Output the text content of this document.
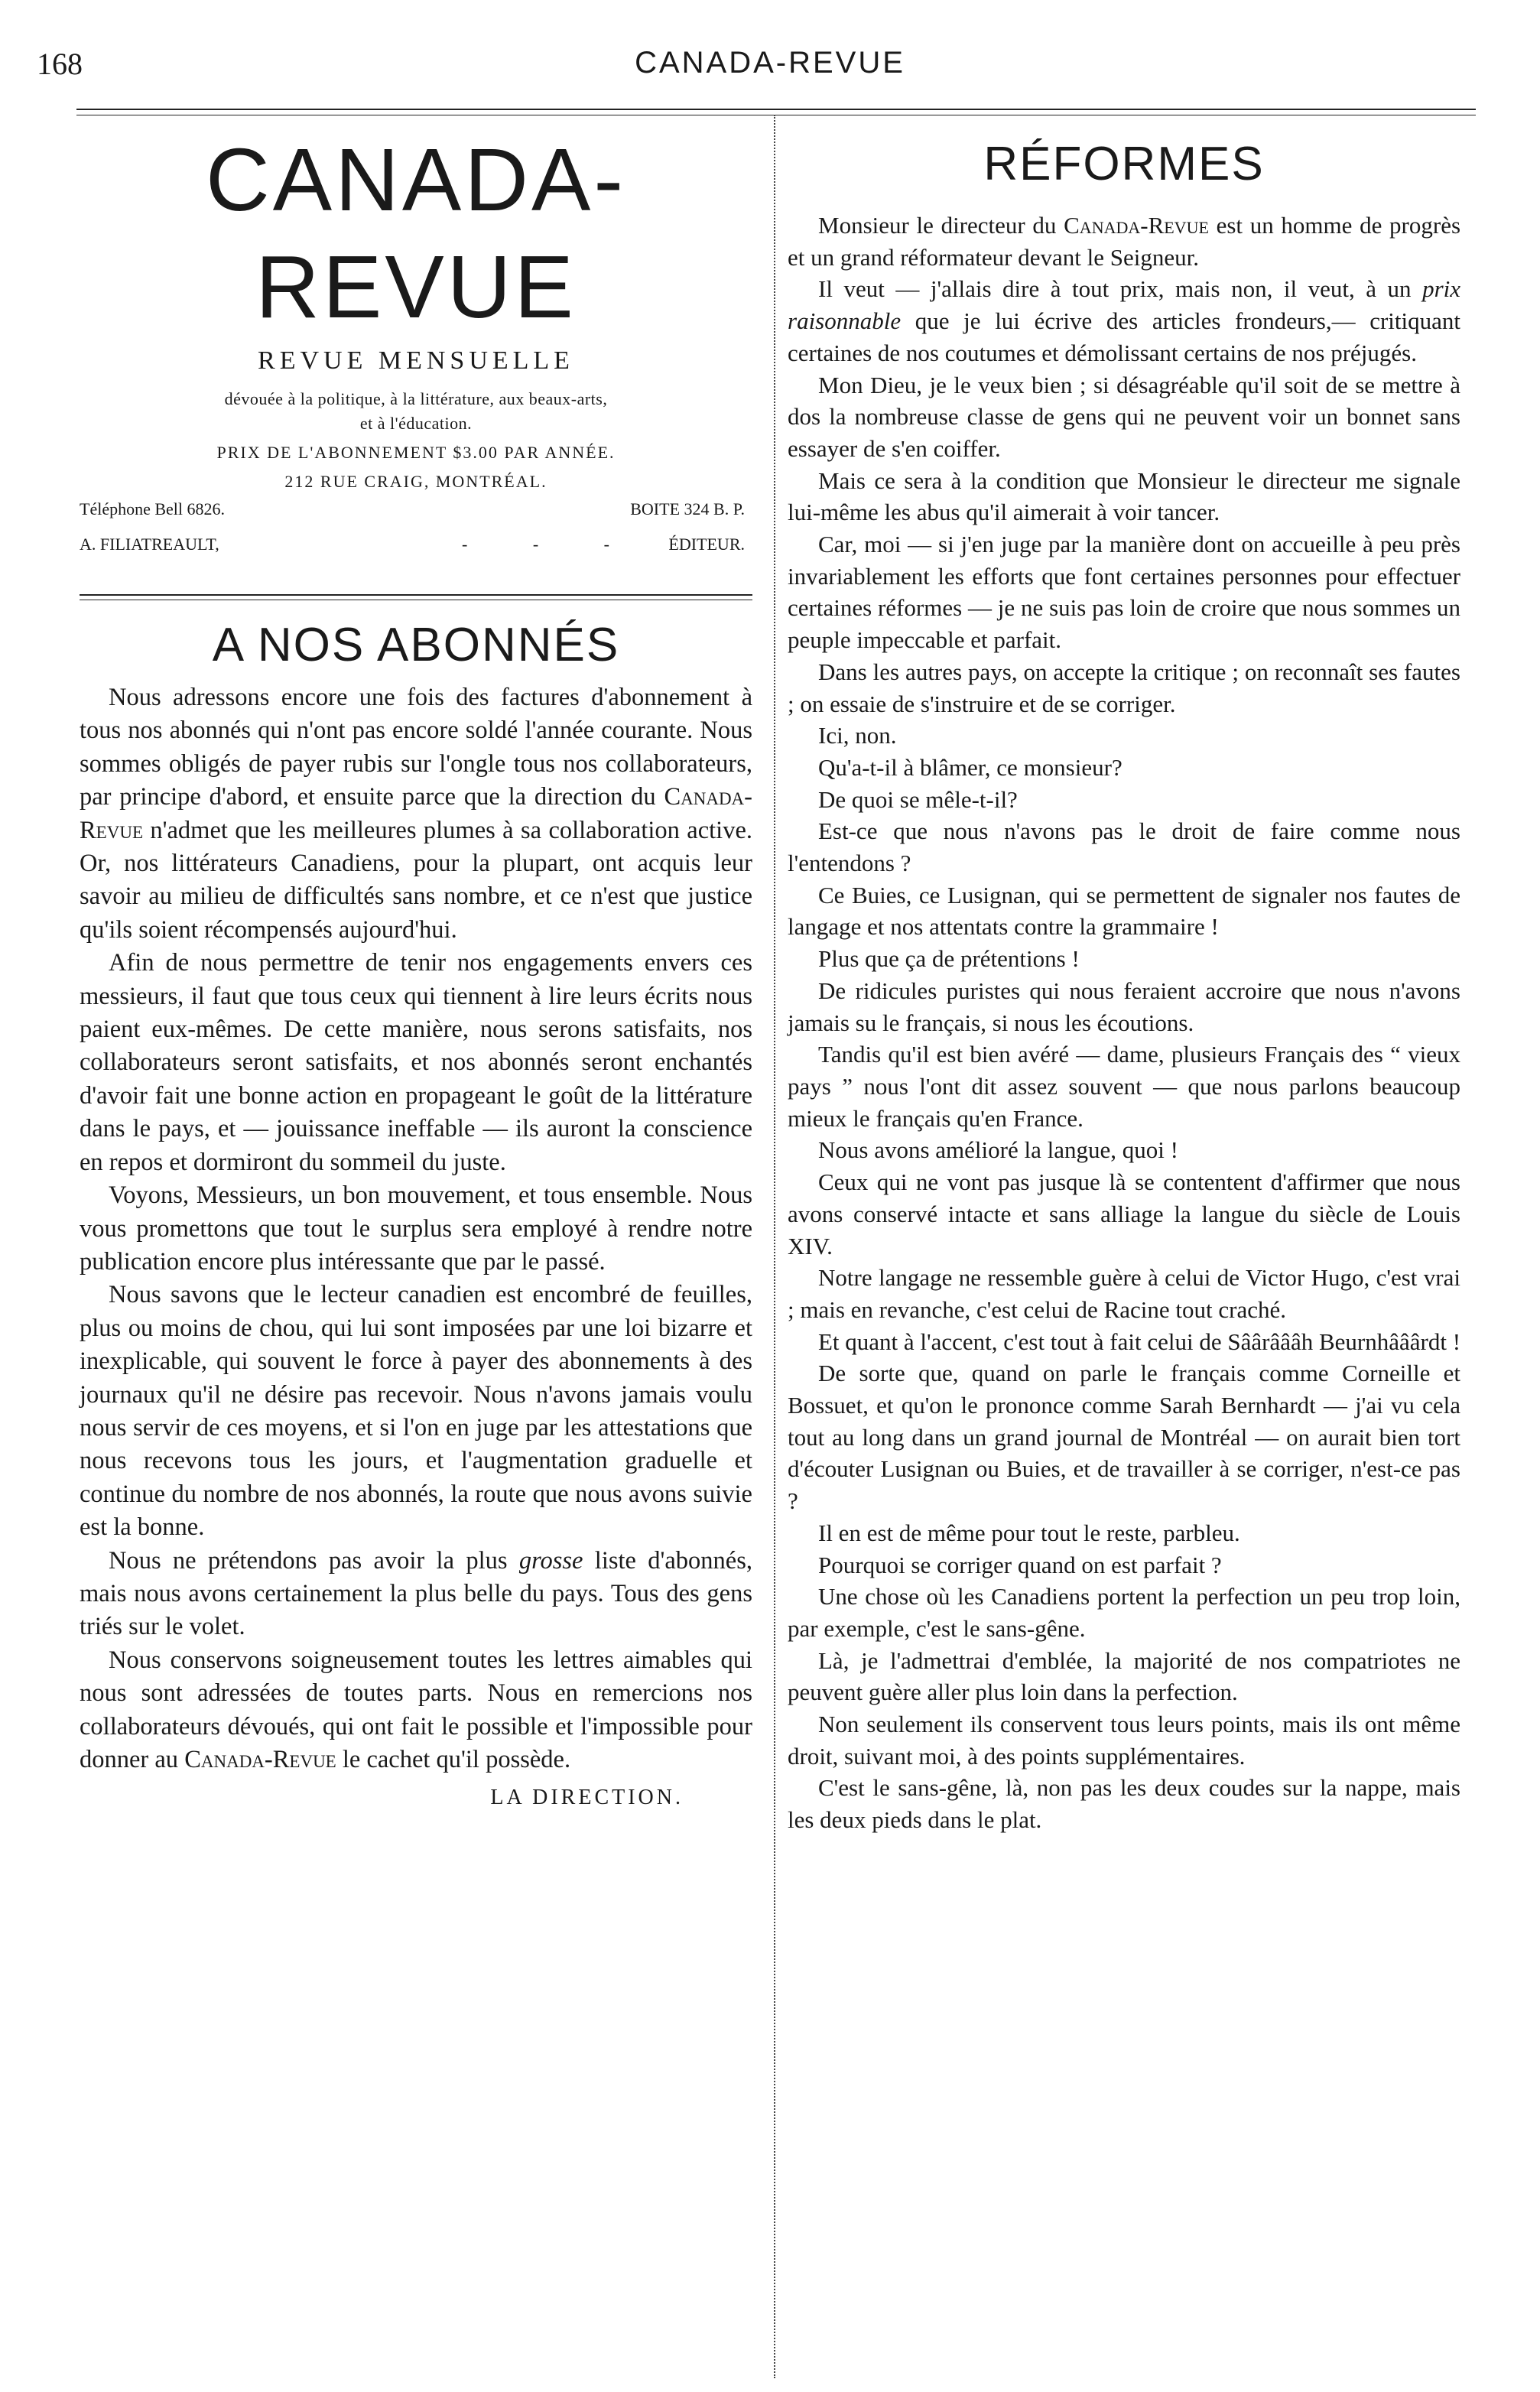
168	CANADA-REVUE
CANADA-REVUE
REVUE MENSUELLE
dévouée à la politique, à la littérature, aux beaux-arts,
et à l'éducation.
PRIX DE L'ABONNEMENT $3.00 PAR ANNÉE.
212 RUE CRAIG, MONTRÉAL.
Téléphone Bell 6826.	BOITE 324 B. P.
A. FILIATREAULT,	- - - ÉDITEUR.
A NOS ABONNÉS

Nous adressons encore une fois des factures d'abonnement à tous nos abonnés qui n'ont pas encore soldé l'année courante. Nous sommes obligés de payer rubis sur l'ongle tous nos collaborateurs, par principe d'abord, et ensuite parce que la direction du Canada-Revue n'admet que les meilleures plumes à sa collaboration active. Or, nos littérateurs Canadiens, pour la plupart, ont acquis leur savoir au milieu de difficultés sans nombre, et ce n'est que justice qu'ils soient récompensés aujourd'hui.

Afin de nous permettre de tenir nos engagements envers ces messieurs, il faut que tous ceux qui tiennent à lire leurs écrits nous paient eux-mêmes. De cette manière, nous serons satisfaits, nos collaborateurs seront satisfaits, et nos abonnés seront enchantés d'avoir fait une bonne action en propageant le goût de la littérature dans le pays, et — jouissance ineffable — ils auront la conscience en repos et dormiront du sommeil du juste.

Voyons, Messieurs, un bon mouvement, et tous ensemble. Nous vous promettons que tout le surplus sera employé à rendre notre publication encore plus intéressante que par le passé.

Nous savons que le lecteur canadien est encombré de feuilles, plus ou moins de chou, qui lui sont imposées par une loi bizarre et inexplicable, qui souvent le force à payer des abonnements à des journaux qu'il ne désire pas recevoir. Nous n'avons jamais voulu nous servir de ces moyens, et si l'on en juge par les attestations que nous recevons tous les jours, et l'augmentation graduelle et continue du nombre de nos abonnés, la route que nous avons suivie est la bonne.

Nous ne prétendons pas avoir la plus grosse liste d'abonnés, mais nous avons certainement la plus belle du pays. Tous des gens triés sur le volet.

Nous conservons soigneusement toutes les lettres aimables qui nous sont adressées de toutes parts. Nous en remercions nos collaborateurs dévoués, qui ont fait le possible et l'impossible pour donner au Canada-Revue le cachet qu'il possède.

LA DIRECTION.
RÉFORMES

Monsieur le directeur du Canada-Revue est un homme de progrès et un grand réformateur devant le Seigneur.

Il veut — j'allais dire à tout prix, mais non, il veut, à un prix raisonnable que je lui écrive des articles frondeurs,— critiquant certaines de nos coutumes et démolissant certains de nos préjugés.

Mon Dieu, je le veux bien ; si désagréable qu'il soit de se mettre à dos la nombreuse classe de gens qui ne peuvent voir un bonnet sans essayer de s'en coiffer.

Mais ce sera à la condition que Monsieur le directeur me signale lui-même les abus qu'il aimerait à voir tancer.

Car, moi — si j'en juge par la manière dont on accueille à peu près invariablement les efforts que font certaines personnes pour effectuer certaines réformes — je ne suis pas loin de croire que nous sommes un peuple impeccable et parfait.

Dans les autres pays, on accepte la critique ; on reconnaît ses fautes ; on essaie de s'instruire et de se corriger.

Ici, non.

Qu'a-t-il à blâmer, ce monsieur?

De quoi se mêle-t-il?

Est-ce que nous n'avons pas le droit de faire comme nous l'entendons ?

Ce Buies, ce Lusignan, qui se permettent de signaler nos fautes de langage et nos attentats contre la grammaire !

Plus que ça de prétentions !

De ridicules puristes qui nous feraient accroire que nous n'avons jamais su le français, si nous les écoutions.

Tandis qu'il est bien avéré — dame, plusieurs Français des “ vieux pays ” nous l'ont dit assez souvent — que nous parlons beaucoup mieux le français qu'en France.

Nous avons amélioré la langue, quoi !

Ceux qui ne vont pas jusque là se contentent d'affirmer que nous avons conservé intacte et sans alliage la langue du siècle de Louis XIV.

Notre langage ne ressemble guère à celui de Victor Hugo, c'est vrai ; mais en revanche, c'est celui de Racine tout craché.

Et quant à l'accent, c'est tout à fait celui de Sâârâââh Beurnhââârdt !

De sorte que, quand on parle le français comme Corneille et Bossuet, et qu'on le prononce comme Sarah Bernhardt — j'ai vu cela tout au long dans un grand journal de Montréal — on aurait bien tort d'écouter Lusignan ou Buies, et de travailler à se corriger, n'est-ce pas ?

Il en est de même pour tout le reste, parbleu.

Pourquoi se corriger quand on est parfait ?

Une chose où les Canadiens portent la perfection un peu trop loin, par exemple, c'est le sans-gêne.

Là, je l'admettrai d'emblée, la majorité de nos compatriotes ne peuvent guère aller plus loin dans la perfection.

Non seulement ils conservent tous leurs points, mais ils ont même droit, suivant moi, à des points supplémentaires.

C'est le sans-gêne, là, non pas les deux coudes sur la nappe, mais les deux pieds dans le plat.
